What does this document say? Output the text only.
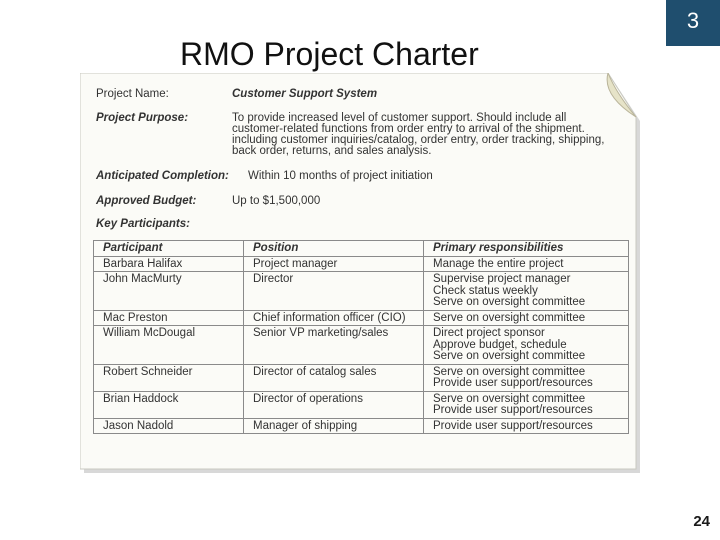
RMO Project Charter
3
Project Name:	Customer Support System
Project Purpose:	To provide increased level of customer support. Should include all
customer-related functions from order entry to arrival of the shipment.
including customer inquiries/catalog, order entry, order tracking, shipping,
back order, returns, and sales analysis.
Anticipated Completion: Within 10 months of project initiation
Approved Budget:	Up to $1,500,000
Key Participants:
Participant	Position	Primary responsibilities
Barbara Halifax	Project manager	Manage the entire project

John MacMurty	Director	Supervise project manager
Check status weekly
Serve on oversight committee

Mac Preston	Chief information officer (CIO)	Serve on oversight committee

William McDougal	Senior VP marketing/sales	Direct project sponsor
Approve budget, schedule
Serve on oversight committee

Robert Schneider	Director of catalog sales	Serve on oversight committee
Provide user support/resources

Brian Haddock	Director of operations	Serve on oversight committee
Provide user support/resources

Jason Nadold	Manager of shipping	Provide user support/resources
24
